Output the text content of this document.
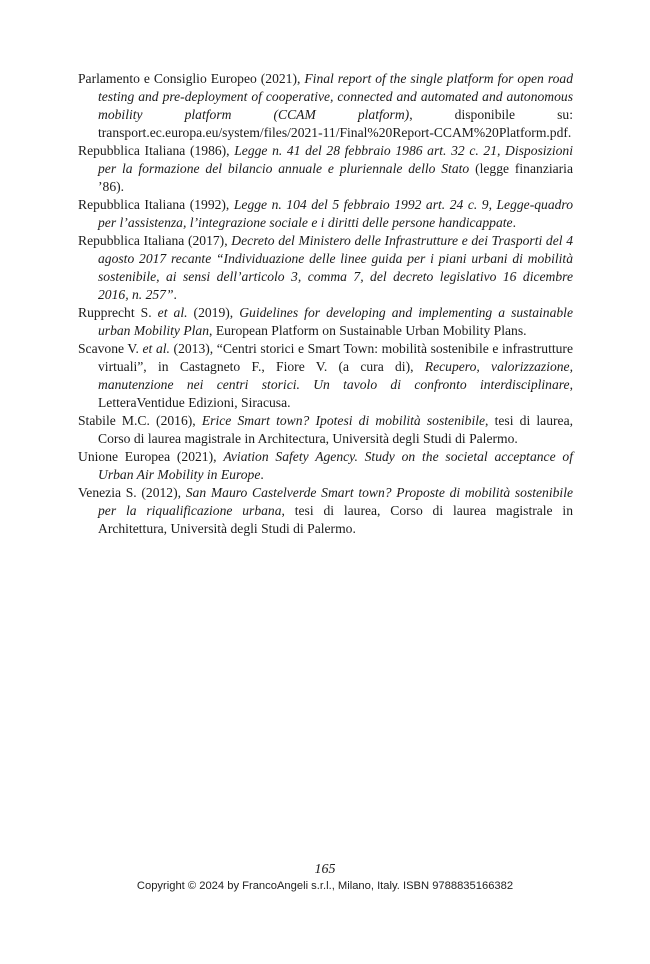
Parlamento e Consiglio Europeo (2021), Final report of the single platform for open road testing and pre-deployment of cooperative, connected and automated and autonomous mobility platform (CCAM platform), disponibile su: transport.ec.europa.eu/system/files/2021-11/Final%20Report-CCAM%20Platform.pdf.

Repubblica Italiana (1986), Legge n. 41 del 28 febbraio 1986 art. 32 c. 21, Disposizioni per la formazione del bilancio annuale e pluriennale dello Stato (legge finanziaria ’86).

Repubblica Italiana (1992), Legge n. 104 del 5 febbraio 1992 art. 24 c. 9, Legge-quadro per l’assistenza, l’integrazione sociale e i diritti delle persone handicappate.

Repubblica Italiana (2017), Decreto del Ministero delle Infrastrutture e dei Trasporti del 4 agosto 2017 recante “Individuazione delle linee guida per i piani urbani di mobilità sostenibile, ai sensi dell’articolo 3, comma 7, del decreto legislativo 16 dicembre 2016, n. 257”.

Rupprecht S. et al. (2019), Guidelines for developing and implementing a sustainable urban Mobility Plan, European Platform on Sustainable Urban Mobility Plans.

Scavone V. et al. (2013), “Centri storici e Smart Town: mobilità sostenibile e infrastrutture virtuali”, in Castagneto F., Fiore V. (a cura di), Recupero, valorizzazione, manutenzione nei centri storici. Un tavolo di confronto interdisciplinare, LetteraVentidue Edizioni, Siracusa.

Stabile M.C. (2016), Erice Smart town? Ipotesi di mobilità sostenibile, tesi di laurea, Corso di laurea magistrale in Architectura, Università degli Studi di Palermo.

Unione Europea (2021), Aviation Safety Agency. Study on the societal acceptance of Urban Air Mobility in Europe.

Venezia S. (2012), San Mauro Castelverde Smart town? Proposte di mobilità sostenibile per la riqualificazione urbana, tesi di laurea, Corso di laurea magistrale in Architettura, Università degli Studi di Palermo.

165
Copyright © 2024 by FrancoAngeli s.r.l., Milano, Italy. ISBN 9788835166382
